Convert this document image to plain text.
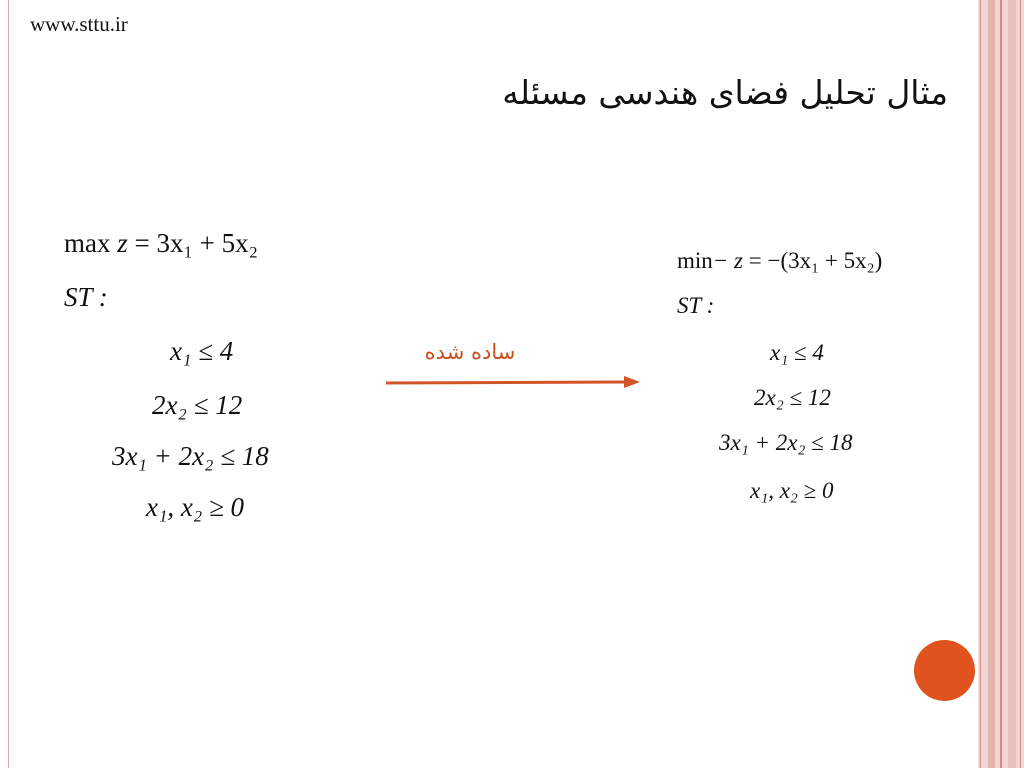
www.sttu.ir
مثال تحلیل فضای هندسی مسئله
max z = 3x₁ + 5x₂
ST :
x₁ ≤ 4
2x₂ ≤ 12
3x₁ + 2x₂ ≤ 18
x₁, x₂ ≥ 0
ساده شده
min− z = −(3x₁ + 5x₂)
ST :
x₁ ≤ 4
2x₂ ≤ 12
3x₁ + 2x₂ ≤ 18
x₁, x₂ ≥ 0
